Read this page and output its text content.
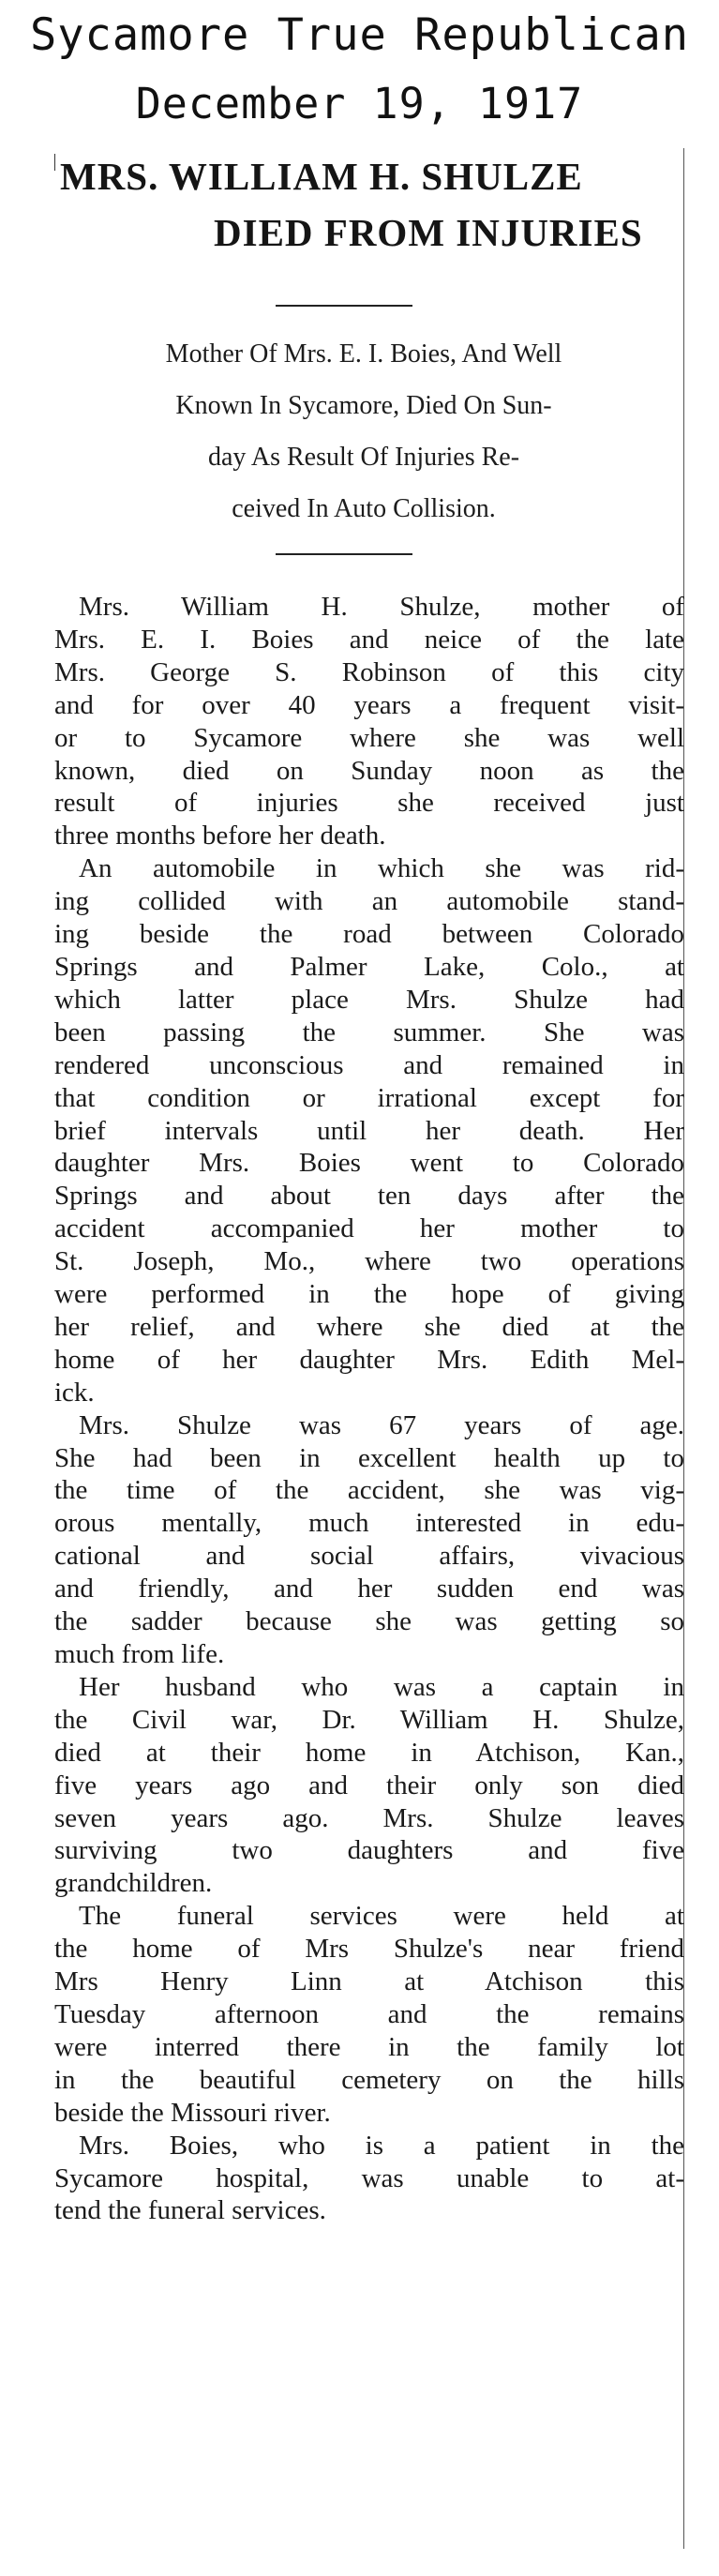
Sycamore True Republican
December 19, 1917
MRS. WILLIAM H. SHULZE
DIED FROM INJURIES
Mother Of Mrs. E. I. Boies, And Well
Known In Sycamore, Died On Sun-
day As Result Of Injuries Re-
ceived In Auto Collision.
Mrs. William H. Shulze, mother of
Mrs. E. I. Boies and neice of the late
Mrs. George S. Robinson of this city
and for over 40 years a frequent visit-
or to Sycamore where she was well
known, died on Sunday noon as the
result of injuries she received just
three months before her death.
An automobile in which she was rid-
ing collided with an automobile stand-
ing beside the road between Colorado
Springs and Palmer Lake, Colo., at
which latter place Mrs. Shulze had
been passing the summer. She was
rendered unconscious and remained in
that condition or irrational except for
brief intervals until her death. Her
daughter Mrs. Boies went to Colorado
Springs and about ten days after the
accident accompanied her mother to
St. Joseph, Mo., where two operations
were performed in the hope of giving
her relief, and where she died at the
home of her daughter Mrs. Edith Mel-
ick.
Mrs. Shulze was 67 years of age.
She had been in excellent health up to
the time of the accident, she was vig-
orous mentally, much interested in edu-
cational and social affairs, vivacious
and friendly, and her sudden end was
the sadder because she was getting so
much from life.
Her husband who was a captain in
the Civil war, Dr. William H. Shulze,
died at their home in Atchison, Kan.,
five years ago and their only son died
seven years ago. Mrs. Shulze leaves
surviving two daughters and five
grandchildren.
The funeral services were held at
the home of Mrs Shulze's near friend
Mrs Henry Linn at Atchison this
Tuesday afternoon and the remains
were interred there in the family lot
in the beautiful cemetery on the hills
beside the Missouri river.
Mrs. Boies, who is a patient in the
Sycamore hospital, was unable to at-
tend the funeral services.
